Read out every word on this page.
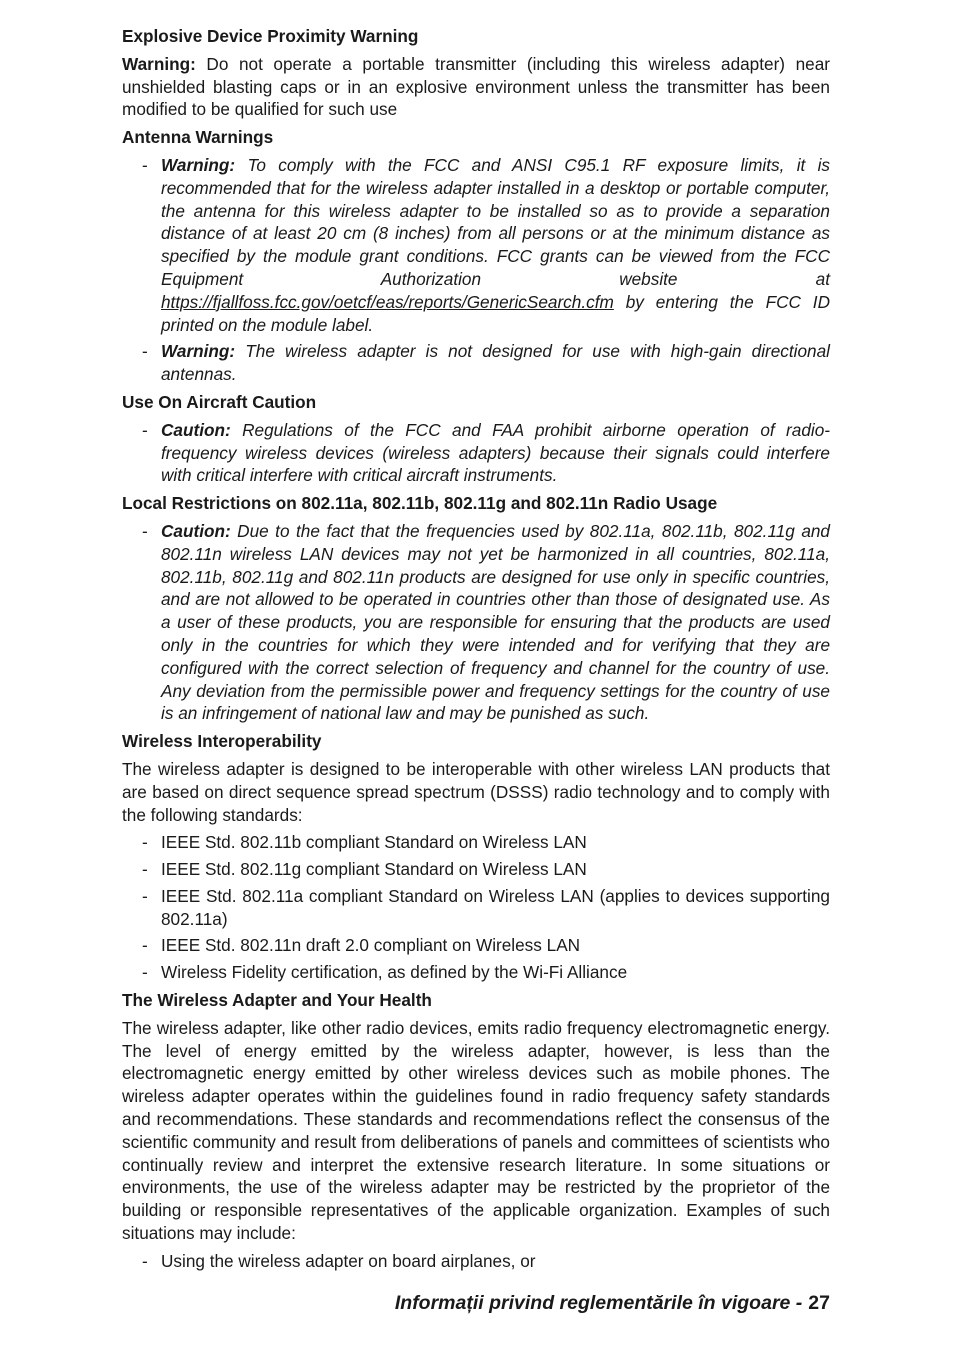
Explosive Device Proximity Warning

Warning: Do not operate a portable transmitter (including this wireless adapter) near unshielded blasting caps or in an explosive environment unless the transmitter has been modified to be qualified for such use

Antenna Warnings
- Warning: To comply with the FCC and ANSI C95.1 RF exposure limits, it is recommended that for the wireless adapter installed in a desktop or portable computer, the antenna for this wireless adapter to be installed so as to provide a separation distance of at least 20 cm (8 inches) from all persons or at the minimum distance as specified by the module grant conditions. FCC grants can be viewed from the FCC Equipment Authorization website at https://fjallfoss.fcc.gov/oetcf/eas/reports/GenericSearch.cfm by entering the FCC ID printed on the module label.
- Warning: The wireless adapter is not designed for use with high-gain directional antennas.
Use On Aircraft Caution
- Caution: Regulations of the FCC and FAA prohibit airborne operation of radio-frequency wireless devices (wireless adapters) because their signals could interfere with critical interfere with critical aircraft instruments.
Local Restrictions on 802.11a, 802.11b, 802.11g and 802.11n Radio Usage
- Caution: Due to the fact that the frequencies used by 802.11a, 802.11b, 802.11g and 802.11n wireless LAN devices may not yet be harmonized in all countries, 802.11a, 802.11b, 802.11g and 802.11n products are designed for use only in specific countries, and are not allowed to be operated in countries other than those of designated use. As a user of these products, you are responsible for ensuring that the products are used only in the countries for which they were intended and for verifying that they are configured with the correct selection of frequency and channel for the country of use. Any deviation from the permissible power and frequency settings for the country of use is an infringement of national law and may be punished as such.
Wireless Interoperability

The wireless adapter is designed to be interoperable with other wireless LAN products that are based on direct sequence spread spectrum (DSSS) radio technology and to comply with the following standards:

- IEEE Std. 802.11b compliant Standard on Wireless LAN
- IEEE Std. 802.11g compliant Standard on Wireless LAN
- IEEE Std. 802.11a compliant Standard on Wireless LAN (applies to devices supporting 802.11a)
- IEEE Std. 802.11n draft 2.0 compliant on Wireless LAN
- Wireless Fidelity certification, as defined by the Wi-Fi Alliance
The Wireless Adapter and Your Health

The wireless adapter, like other radio devices, emits radio frequency electromagnetic energy. The level of energy emitted by the wireless adapter, however, is less than the electromagnetic energy emitted by other wireless devices such as mobile phones. The wireless adapter operates within the guidelines found in radio frequency safety standards and recommendations. These standards and recommendations reflect the consensus of the scientific community and result from deliberations of panels and committees of scientists who continually review and interpret the extensive research literature. In some situations or environments, the use of the wireless adapter may be restricted by the proprietor of the building or responsible representatives of the applicable organization. Examples of such situations may include:

- Using the wireless adapter on board airplanes, or
Informații privind reglementările în vigoare - 27
